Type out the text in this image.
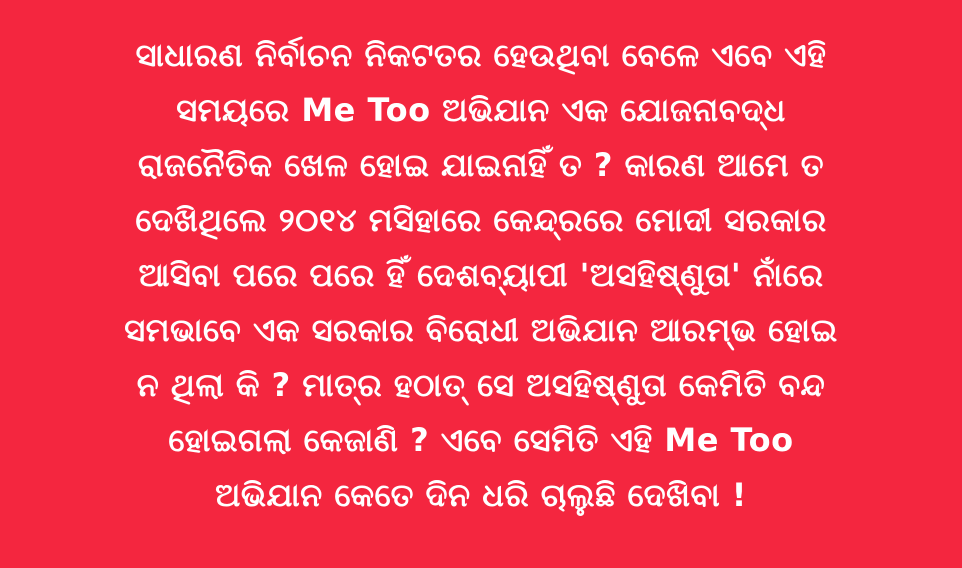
ସାଧାରଣ ନିର୍ବାଚନ ନିକଟତର ହେଉଥିବା ବେଳେ ଏବେ ଏହି
ସମୟରେ Me Too ଅଭିଯାନ ଏକ ଯୋଜନାବଦ୍ଧ
ରାଜନୈତିକ ଖେଳ ହୋଇ ଯାଇନାହିଁ ତ ? କାରଣ ଆମେ ତ
ଦେଖିଥିଲେ ୨୦୧୪ ମସିହାରେ କେନ୍ଦ୍ରରେ ମୋଦୀ ସରକାର
ଆସିବା ପରେ ପରେ ହିଁ ଦେଶବ୍ୟାପୀ 'ଅସହିଷ୍ଣୁତା' ନାଁରେ
ସମଭାବେ ଏକ ସରକାର ବିରୋଧୀ ଅଭିଯାନ ଆରମ୍ଭ ହୋଇ
ନ ଥିଲା କି ? ମାତ୍ର ହଠାତ୍ ସେ ଅସହିଷ୍ଣୁତା କେମିତି ବନ୍ଦ
ହୋଇଗଲା କେଜାଣି ? ଏବେ ସେମିତି ଏହି Me Too
ଅଭିଯାନ କେତେ ଦିନ ଧରି ଚାଲୁଛି ଦେଖିବା !
